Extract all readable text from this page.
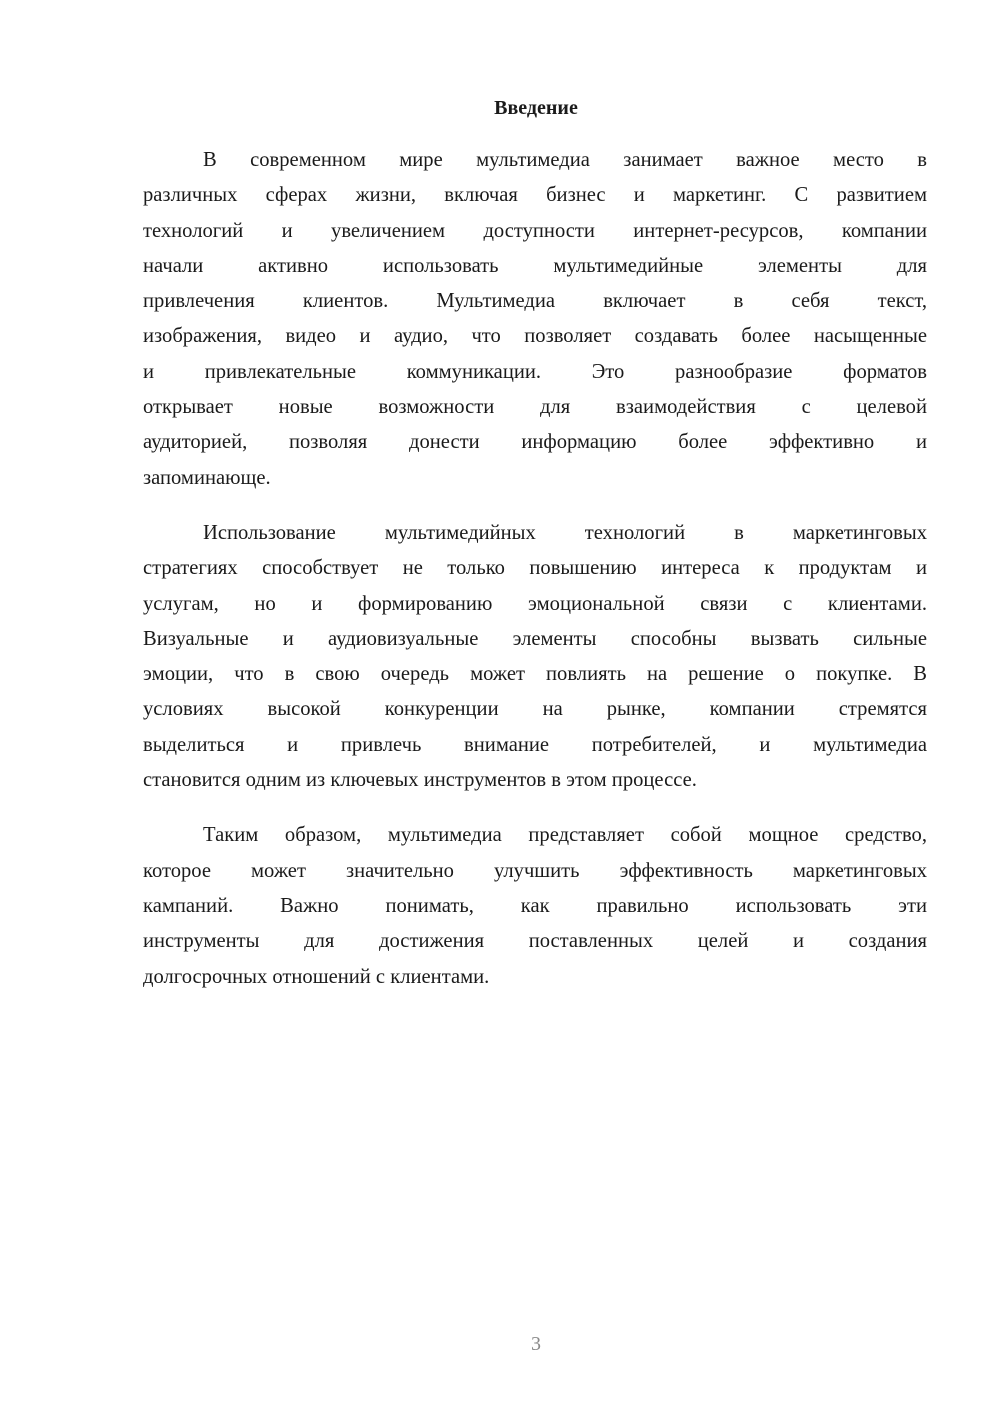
Введение
В современном мире мультимедиа занимает важное место в
различных сферах жизни, включая бизнес и маркетинг. С развитием
технологий и увеличением доступности интернет-ресурсов, компании
начали активно использовать мультимедийные элементы для
привлечения клиентов. Мультимедиа включает в себя текст,
изображения, видео и аудио, что позволяет создавать более насыщенные
и привлекательные коммуникации. Это разнообразие форматов
открывает новые возможности для взаимодействия с целевой
аудиторией, позволяя донести информацию более эффективно и
запоминающе.
Использование мультимедийных технологий в маркетинговых
стратегиях способствует не только повышению интереса к продуктам и
услугам, но и формированию эмоциональной связи с клиентами.
Визуальные и аудиовизуальные элементы способны вызвать сильные
эмоции, что в свою очередь может повлиять на решение о покупке. В
условиях высокой конкуренции на рынке, компании стремятся
выделиться и привлечь внимание потребителей, и мультимедиа
становится одним из ключевых инструментов в этом процессе.
Таким образом, мультимедиа представляет собой мощное средство,
которое может значительно улучшить эффективность маркетинговых
кампаний. Важно понимать, как правильно использовать эти
инструменты для достижения поставленных целей и создания
долгосрочных отношений с клиентами.
3
